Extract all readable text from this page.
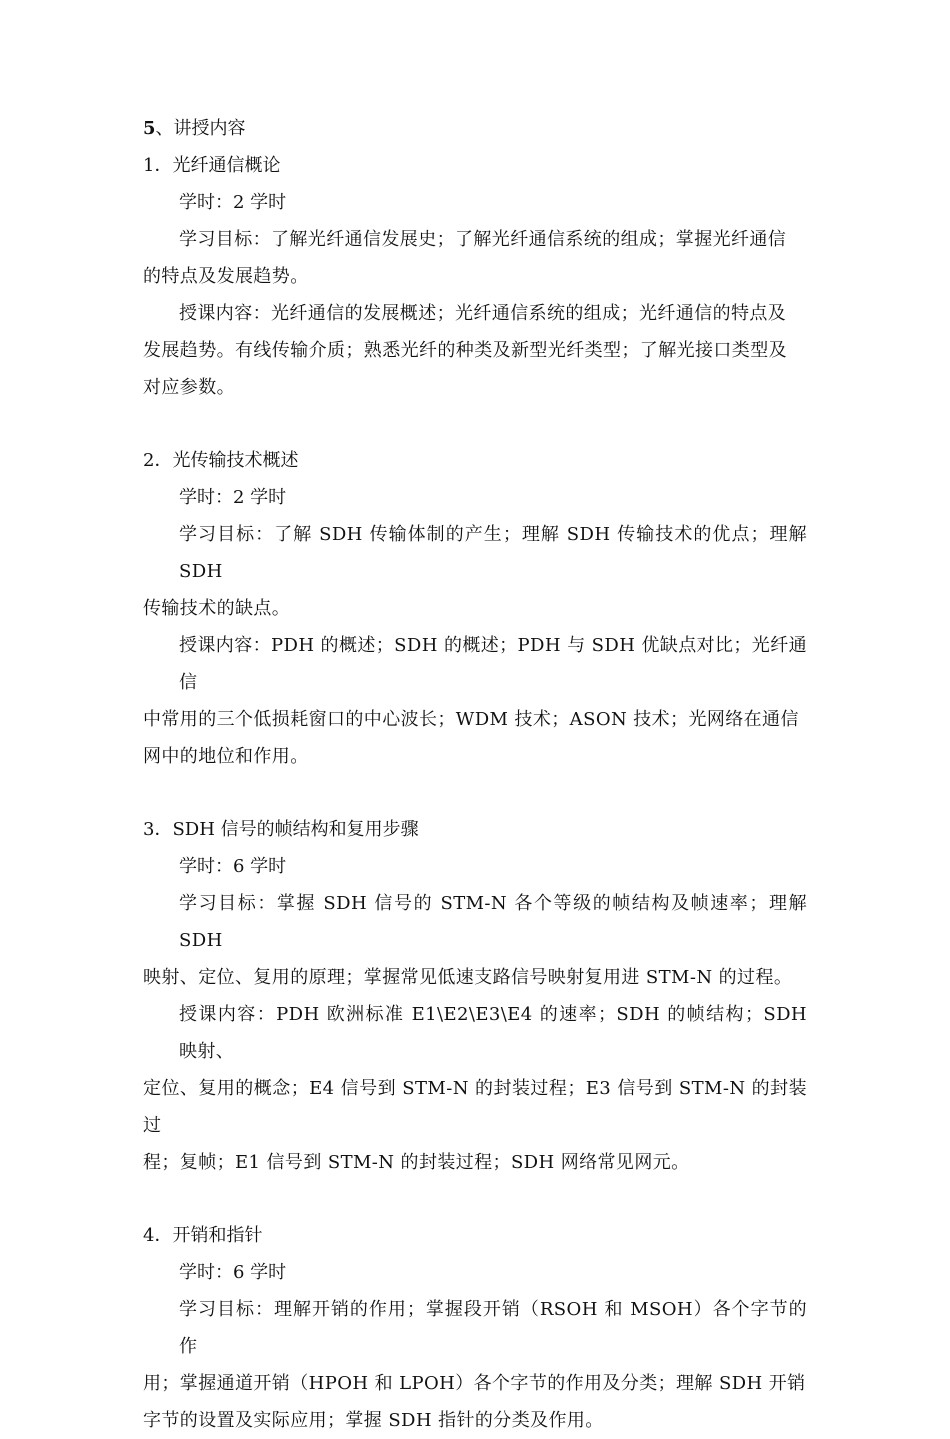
5、讲授内容
1．光纤通信概论
学时：2 学时
学习目标：了解光纤通信发展史；了解光纤通信系统的组成；掌握光纤通信
的特点及发展趋势。
授课内容：光纤通信的发展概述；光纤通信系统的组成；光纤通信的特点及
发展趋势。有线传输介质；熟悉光纤的种类及新型光纤类型；了解光接口类型及
对应参数。
2．光传输技术概述
学时：2 学时
学习目标：了解 SDH 传输体制的产生；理解 SDH 传输技术的优点；理解 SDH
传输技术的缺点。
授课内容：PDH 的概述；SDH 的概述；PDH 与 SDH 优缺点对比；光纤通信
中常用的三个低损耗窗口的中心波长；WDM 技术；ASON 技术；光网络在通信
网中的地位和作用。
3．SDH 信号的帧结构和复用步骤
学时：6 学时
学习目标：掌握 SDH 信号的 STM-N 各个等级的帧结构及帧速率；理解 SDH
映射、定位、复用的原理；掌握常见低速支路信号映射复用进 STM-N 的过程。
授课内容：PDH 欧洲标准 E1\E2\E3\E4 的速率；SDH 的帧结构；SDH 映射、
定位、复用的概念；E4 信号到 STM-N 的封装过程；E3 信号到 STM-N 的封装过
程；复帧；E1 信号到 STM-N 的封装过程；SDH 网络常见网元。
4．开销和指针
学时：6 学时
学习目标：理解开销的作用；掌握段开销（RSOH 和 MSOH）各个字节的作
用；掌握通道开销（HPOH 和 LPOH）各个字节的作用及分类；理解 SDH 开销
字节的设置及实际应用；掌握 SDH 指针的分类及作用。
